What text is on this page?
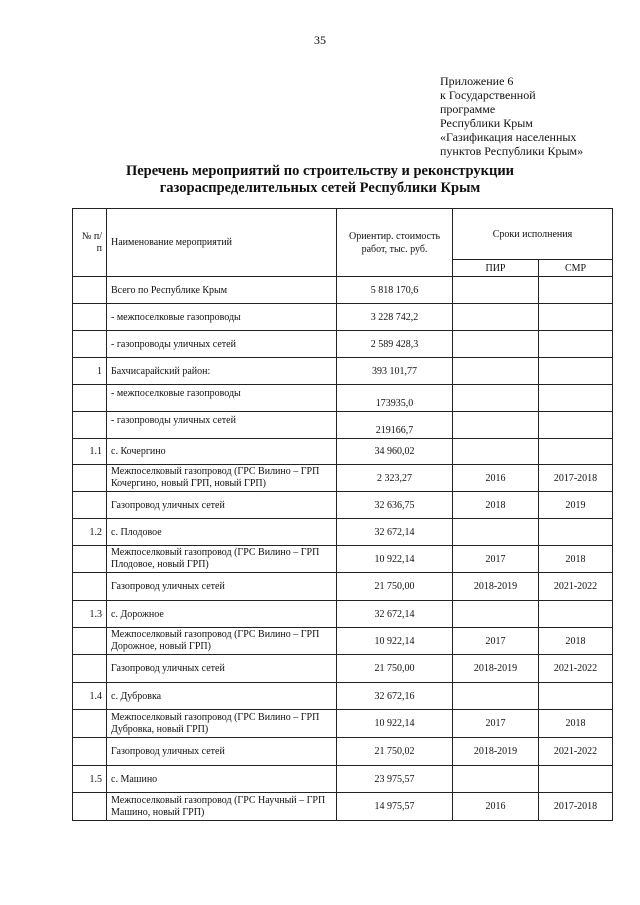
35
Приложение 6
к Государственной
программе
Республики Крым
«Газификация населенных
пунктов Республики Крым»
Перечень мероприятий по строительству и реконструкции
газораспределительных сетей Республики Крым
№ п/п	Наименование мероприятий	Ориентир. стоимость работ, тыс. руб.	Сроки исполнения	
			ПИР	СМР
	Всего по Республике Крым	5 818 170,6		
	- межпоселковые газопроводы	3 228 742,2		
	- газопроводы уличных сетей	2 589 428,3		
1	Бахчисарайский район:	393 101,77		
	- межпоселковые газопроводы	173935,0		
	- газопроводы уличных сетей	219166,7		
1.1	с. Кочергино	34 960,02		
	Межпоселковый газопровод (ГРС Вилино – ГРП Кочергино, новый ГРП, новый ГРП)	2 323,27	2016	2017-2018
	Газопровод уличных сетей	32 636,75	2018	2019
1.2	с. Плодовое	32 672,14		
	Межпоселковый газопровод (ГРС Вилино – ГРП Плодовое, новый ГРП)	10 922,14	2017	2018
	Газопровод уличных сетей	21 750,00	2018-2019	2021-2022
1.3	с. Дорожное	32 672,14		
	Межпоселковый газопровод (ГРС Вилино – ГРП Дорожное, новый ГРП)	10 922,14	2017	2018
	Газопровод уличных сетей	21 750,00	2018-2019	2021-2022
1.4	с. Дубровка	32 672,16		
	Межпоселковый газопровод (ГРС Вилино – ГРП Дубровка, новый ГРП)	10 922,14	2017	2018
	Газопровод уличных сетей	21 750,02	2018-2019	2021-2022
1.5	с. Машино	23 975,57		
	Межпоселковый газопровод (ГРС Научный – ГРП Машино, новый ГРП)	14 975,57	2016	2017-2018
